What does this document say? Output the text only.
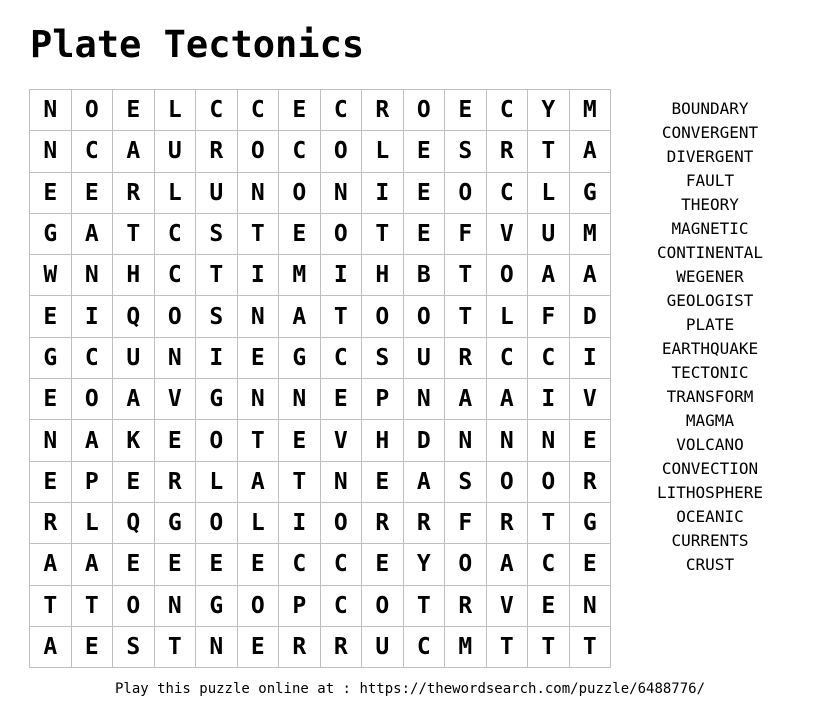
Plate Tectonics
N	O	E	L	C	C	E	C	R	O	E	C	Y	M
N	C	A	U	R	O	C	O	L	E	S	R	T	A
E	E	R	L	U	N	O	N	I	E	O	C	L	G
G	A	T	C	S	T	E	O	T	E	F	V	U	M
W	N	H	C	T	I	M	I	H	B	T	O	A	A
E	I	Q	O	S	N	A	T	O	O	T	L	F	D
G	C	U	N	I	E	G	C	S	U	R	C	C	I
E	O	A	V	G	N	N	E	P	N	A	A	I	V
N	A	K	E	O	T	E	V	H	D	N	N	N	E
E	P	E	R	L	A	T	N	E	A	S	O	O	R
R	L	Q	G	O	L	I	O	R	R	F	R	T	G
A	A	E	E	E	E	C	C	E	Y	O	A	C	E
T	T	O	N	G	O	P	C	O	T	R	V	E	N
A	E	S	T	N	E	R	R	U	C	M	T	T	T
BOUNDARY
CONVERGENT
DIVERGENT
FAULT
THEORY
MAGNETIC
CONTINENTAL
WEGENER
GEOLOGIST
PLATE
EARTHQUAKE
TECTONIC
TRANSFORM
MAGMA
VOLCANO
CONVECTION
LITHOSPHERE
OCEANIC
CURRENTS
CRUST
Play this puzzle online at : https://thewordsearch.com/puzzle/6488776/
